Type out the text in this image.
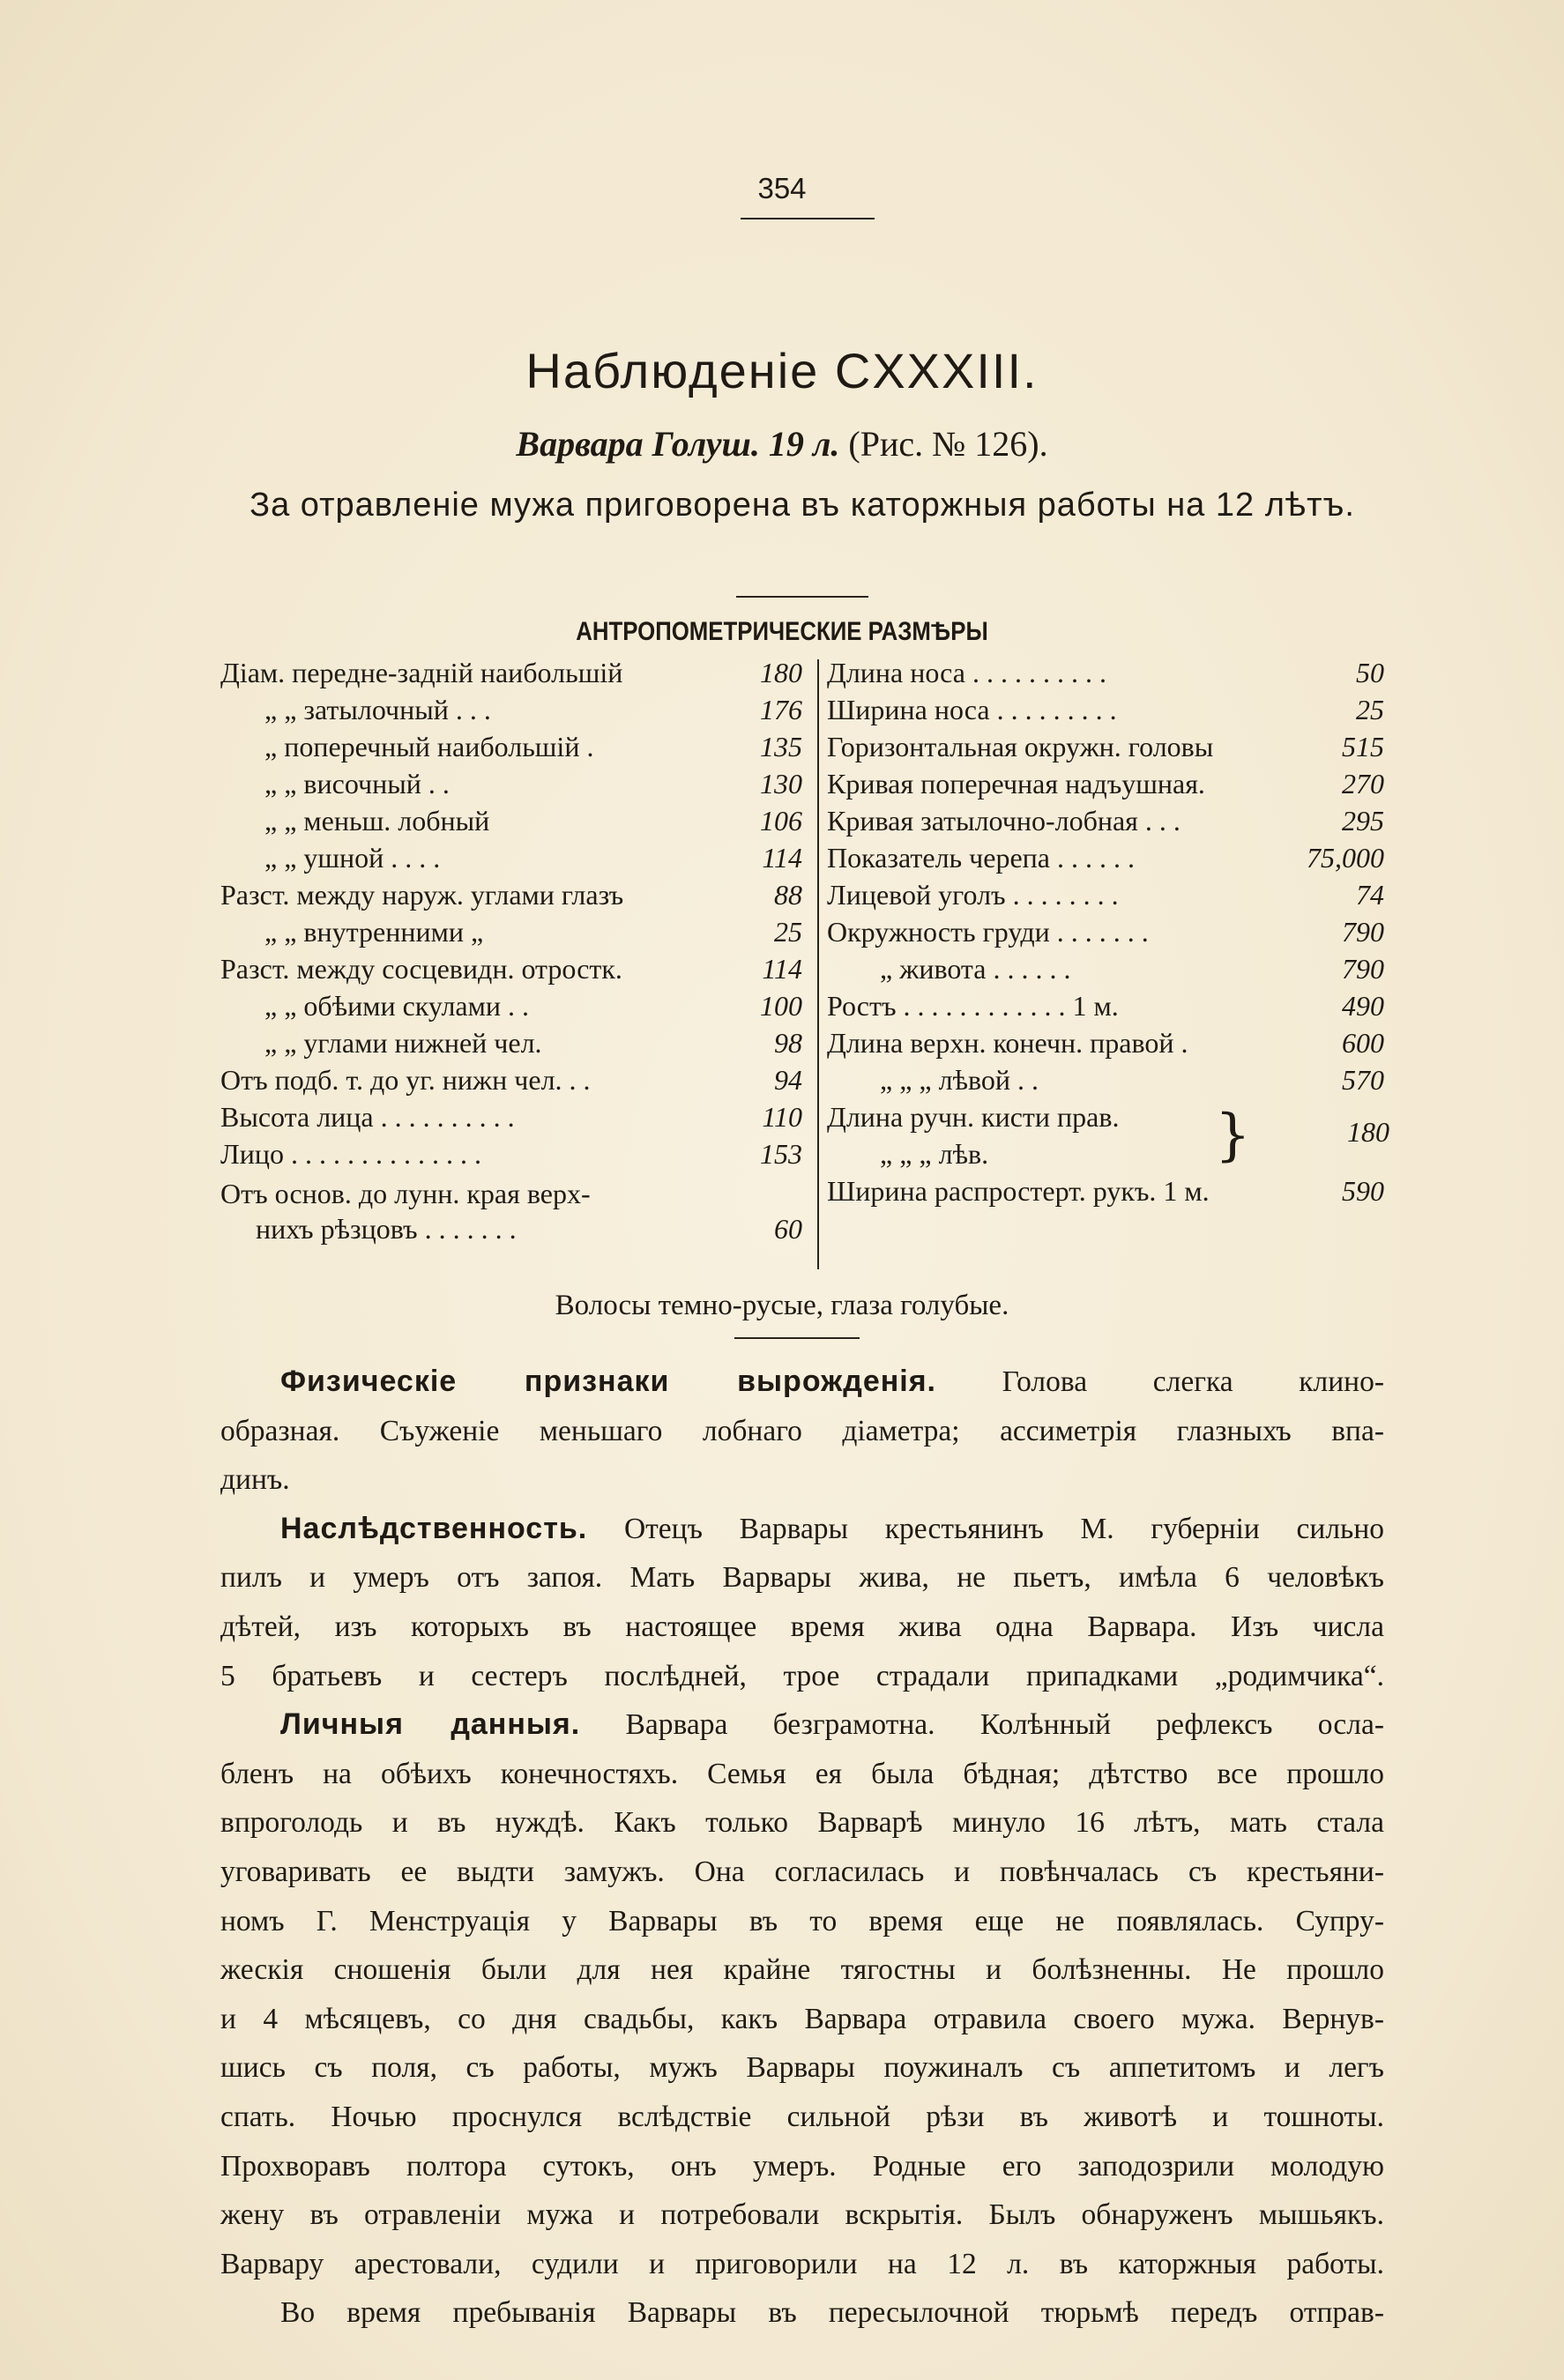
354
Наблюденіе CXXXIII.
Варвара Голуш. 19 л. (Рис. № 126).
За отравленіе мужа приговорена въ каторжныя работы на 12 лѣтъ.
АНТРОПОМЕТРИЧЕСКИЕ РАЗМѢРЫ
Діам. передне-задній наибольшій	180
„ „ затылочный . . .	176
„ поперечный наибольшій .	135
„ „ височный . .	130
„ „ меньш. лобный	106
„ „ ушной . . . .	114
Разст. между наруж. углами глазъ	88
„ „ внутренними „	25
Разст. между сосцевидн. отростк.	114
„ „ обѣими скулами . .	100
„ „ углами нижней чел.	98
Отъ подб. т. до уг. нижн чел. . .	94
Высота лица . . . . . . . . . .	110
Лицо . . . . . . . . . . . . . .	153
Отъ основ. до лунн. края верх-
нихъ рѣзцовъ . . . . . . .	60
Длина носа . . . . . . . . . .	50
Ширина носа . . . . . . . . .	25
Горизонтальная окружн. головы	515
Кривая поперечная надъушная.	270
Кривая затылочно-лобная . . .	295
Показатель черепа . . . . . .	75,000
Лицевой уголъ . . . . . . . .	74
Окружность груди . . . . . . .	790
„ живота . . . . . .	790
Ростъ . . . . . . . . . . . . 1 м.	490
Длина верхн. конечн. правой .	600
„ „ „ лѣвой . .	570
Длина ручн. кисти прав.
„ „ „ лѣв.	}	180
Ширина распростерт. рукъ. 1 м.	590
Волосы темно-русые, глаза голубые.
Физическіе признаки вырожденія. Голова слегка клино-
образная. Съуженіе меньшаго лобнаго діаметра; ассиметрія глазныхъ впа-
динъ.
Наслѣдственность. Отецъ Варвары крестьянинъ М. губерніи сильно
пилъ и умеръ отъ запоя. Мать Варвары жива, не пьетъ, имѣла 6 человѣкъ
дѣтей, изъ которыхъ въ настоящее время жива одна Варвара. Изъ числа
5 братьевъ и сестеръ послѣдней, трое страдали припадками „родимчика“.
Личныя данныя. Варвара безграмотна. Колѣнный рефлексъ осла-
бленъ на обѣихъ конечностяхъ. Семья ея была бѣдная; дѣтство все прошло
впроголодь и въ нуждѣ. Какъ только Варварѣ минуло 16 лѣтъ, мать стала
уговаривать ее выдти замужъ. Она согласилась и повѣнчалась съ крестьяни-
номъ Г. Менструація у Варвары въ то время еще не появлялась. Супру-
жескія сношенія были для нея крайне тягостны и болѣзненны. Не прошло
и 4 мѣсяцевъ, со дня свадьбы, какъ Варвара отравила своего мужа. Вернув-
шись съ поля, съ работы, мужъ Варвары поужиналъ съ аппетитомъ и легъ
спать. Ночью проснулся вслѣдствіе сильной рѣзи въ животѣ и тошноты.
Прохворавъ полтора сутокъ, онъ умеръ. Родные его заподозрили молодую
жену въ отравленіи мужа и потребовали вскрытія. Былъ обнаруженъ мышьякъ.
Варвару арестовали, судили и приговорили на 12 л. въ каторжныя работы.
Во время пребыванія Варвары въ пересылочной тюрьмѣ передъ отправ-
